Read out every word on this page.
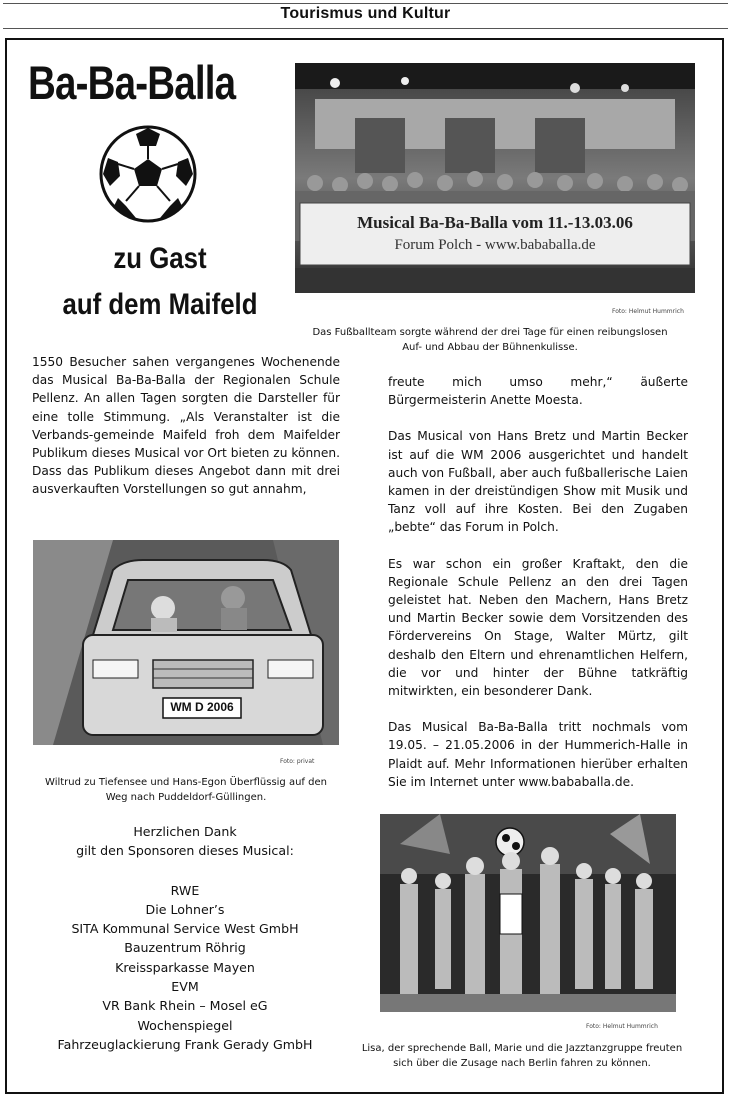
Tourismus und Kultur
Ba-Ba-Balla
zu Gast
auf dem Maifeld
Musical Ba-Ba-Balla vom 11.-13.03.06
Forum Polch - www.bababalla.de
Foto: Helmut Hummrich
Das Fußballteam sorgte während der drei Tage für einen reibungslosen
Auf- und Abbau der Bühnenkulisse.

1550 Besucher sahen vergangenes Wochenende das Musical Ba-Ba-Balla der Regionalen Schule Pellenz. An allen Tagen sorgten die Darsteller für eine tolle Stimmung. „Als Veranstalter ist die Verbands-gemeinde Maifeld froh dem Maifelder Publikum dieses Musical vor Ort bieten zu können. Dass das Publikum dieses Angebot dann mit drei ausverkauften Vorstellungen so gut annahm,

freute mich umso mehr,“ äußerte Bürgermeisterin Anette Moesta.

Das Musical von Hans Bretz und Martin Becker ist auf die WM 2006 ausgerichtet und handelt auch von Fußball, aber auch fußballerische Laien kamen in der dreistündigen Show mit Musik und Tanz voll auf ihre Kosten. Bei den Zugaben „bebte“ das Forum in Polch.

Es war schon ein großer Kraftakt, den die Regionale Schule Pellenz an den drei Tagen geleistet hat. Neben den Machern, Hans Bretz und Martin Becker sowie dem Vorsitzenden des Fördervereins On Stage, Walter Mürtz, gilt deshalb den Eltern und ehrenamtlichen Helfern, die vor und hinter der Bühne tatkräftig mitwirkten, ein besonderer Dank.

Das Musical Ba-Ba-Balla tritt nochmals vom 19.05. – 21.05.2006 in der Hummerich-Halle in Plaidt auf. Mehr Informationen hierüber erhalten Sie im Internet unter www.bababalla.de.

WM D 2006
Foto: privat
Wiltrud zu Tiefensee und Hans-Egon Überflüssig auf den
Weg nach Puddeldorf-Güllingen.
Herzlichen Dank
gilt den Sponsoren dieses Musical:
RWE
Die Lohner’s
SITA Kommunal Service West GmbH
Bauzentrum Röhrig
Kreissparkasse Mayen
EVM
VR Bank Rhein – Mosel eG
Wochenspiegel
Fahrzeuglackierung Frank Gerady GmbH
Foto: Helmut Hummrich
Lisa, der sprechende Ball, Marie und die Jazztanzgruppe freuten
sich über die Zusage nach Berlin fahren zu können.
